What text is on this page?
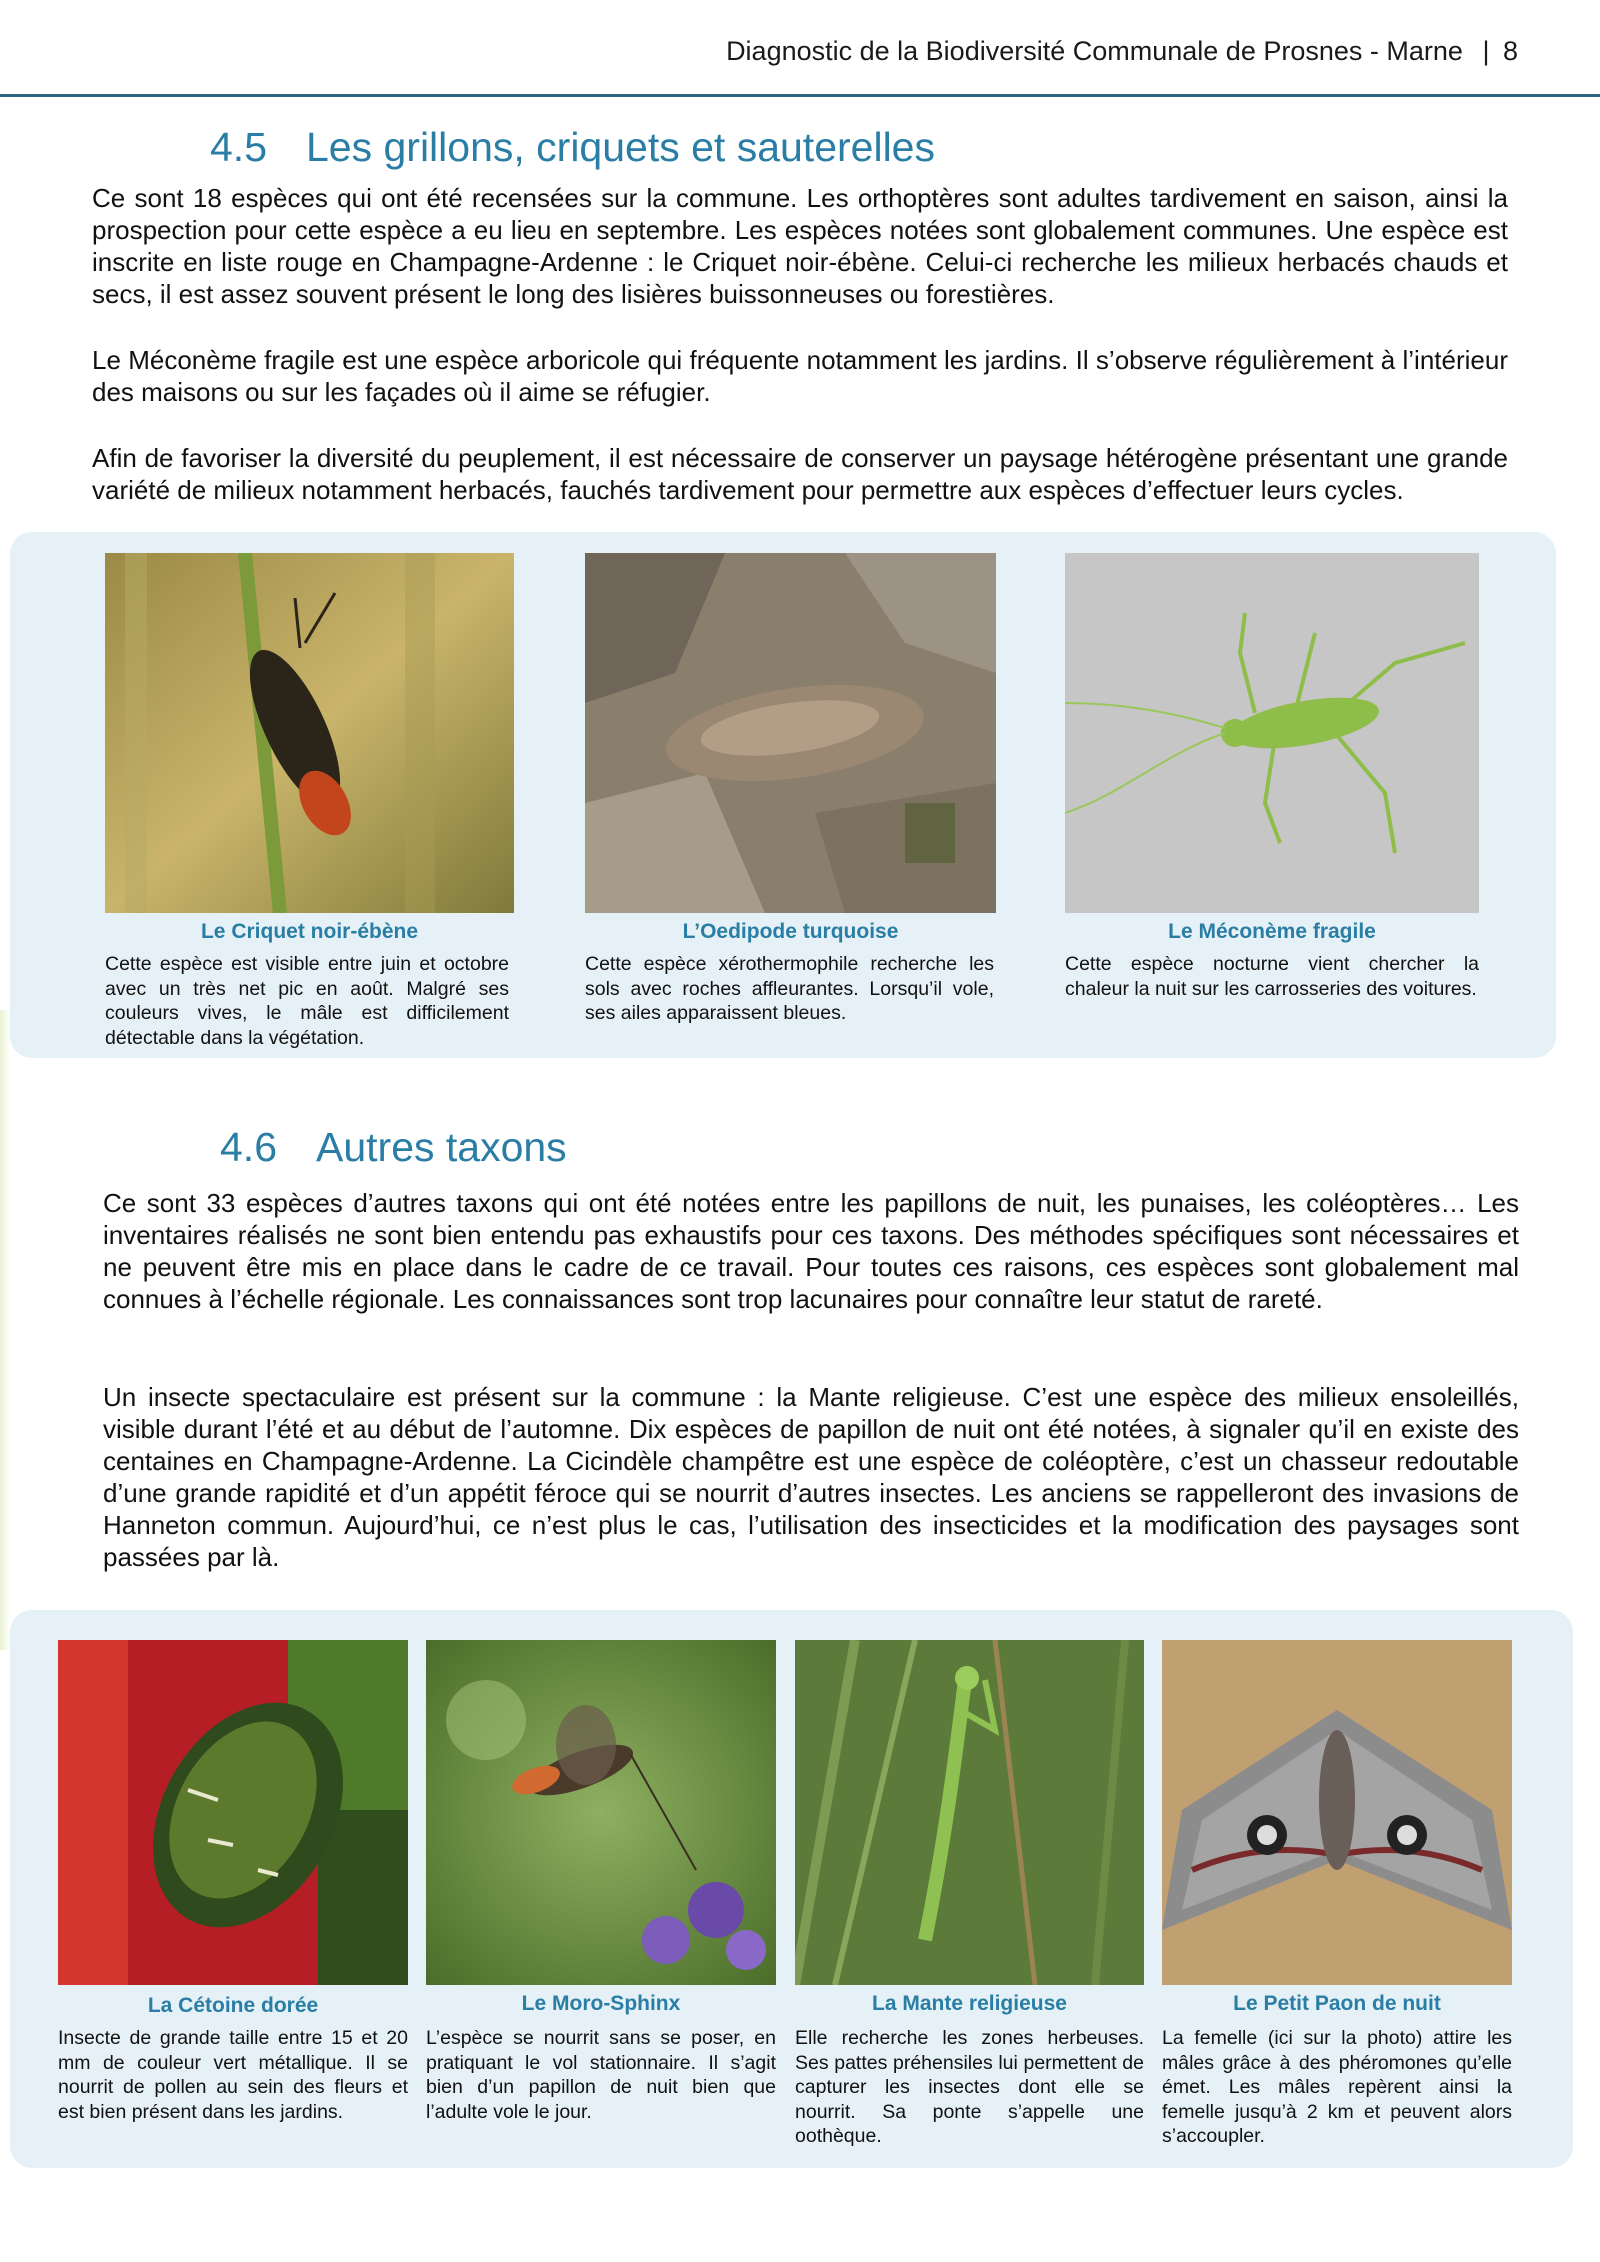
Diagnostic de la Biodiversité Communale de Prosnes - Marne | 8
4.5 Les grillons, criquets et sauterelles

Ce sont 18 espèces qui ont été recensées sur la commune. Les orthoptères sont adultes tardivement en saison, ainsi la prospection pour cette espèce a eu lieu en septembre. Les espèces notées sont globalement communes. Une espèce est inscrite en liste rouge en Champagne-Ardenne : le Criquet noir-ébène. Celui-ci recherche les milieux herbacés chauds et secs, il est assez souvent présent le long des lisières buissonneuses ou forestières.

Le Méconème fragile est une espèce arboricole qui fréquente notamment les jardins. Il s’observe régulièrement à l’intérieur des maisons ou sur les façades où il aime se réfugier.

Afin de favoriser la diversité du peuplement, il est nécessaire de conserver un paysage hétérogène présentant une grande variété de milieux notamment herbacés, fauchés tardivement pour permettre aux espèces d’effectuer leurs cycles.

Le Criquet noir-ébène

Cette espèce est visible entre juin et octobre avec un très net pic en août. Malgré ses couleurs vives, le mâle est difficilement détectable dans la végétation.

L’Oedipode turquoise

Cette espèce xérothermophile recherche les sols avec roches affleurantes. Lorsqu’il vole, ses ailes apparaissent bleues.

Le Méconème fragile

Cette espèce nocturne vient chercher la chaleur la nuit sur les carrosseries des voitures.

4.6 Autres taxons

Ce sont 33 espèces d’autres taxons qui ont été notées entre les papillons de nuit, les punaises, les coléoptères… Les inventaires réalisés ne sont bien entendu pas exhaustifs pour ces taxons. Des méthodes spécifiques sont nécessaires et ne peuvent être mis en place dans le cadre de ce travail. Pour toutes ces raisons, ces espèces sont globalement mal connues à l’échelle régionale. Les connaissances sont trop lacunaires pour connaître leur statut de rareté.

Un insecte spectaculaire est présent sur la commune : la Mante religieuse. C’est une espèce des milieux ensoleillés, visible durant l’été et au début de l’automne. Dix espèces de papillon de nuit ont été notées, à signaler qu’il en existe des centaines en Champagne-Ardenne. La Cicindèle champêtre est une espèce de coléoptère, c’est un chasseur redoutable d’une grande rapidité et d’un appétit féroce qui se nourrit d’autres insectes. Les anciens se rappelleront des invasions de Hanneton commun. Aujourd’hui, ce n’est plus le cas, l’utilisation des insecticides et la modification des paysages sont passées par là.

La Cétoine dorée

Insecte de grande taille entre 15 et 20 mm de couleur vert métallique. Il se nourrit de pollen au sein des fleurs et est bien présent dans les jardins.

Le Moro-Sphinx

L’espèce se nourrit sans se poser, en pratiquant le vol stationnaire. Il s’agit bien d’un papillon de nuit bien que l’adulte vole le jour.

La Mante religieuse

Elle recherche les zones herbeuses. Ses pattes préhensiles lui permettent de capturer les insectes dont elle se nourrit. Sa ponte s’appelle une oothèque.

Le Petit Paon de nuit

La femelle (ici sur la photo) attire les mâles grâce à des phéromones qu’elle émet. Les mâles repèrent ainsi la femelle jusqu’à 2 km et peuvent alors s’accoupler.
